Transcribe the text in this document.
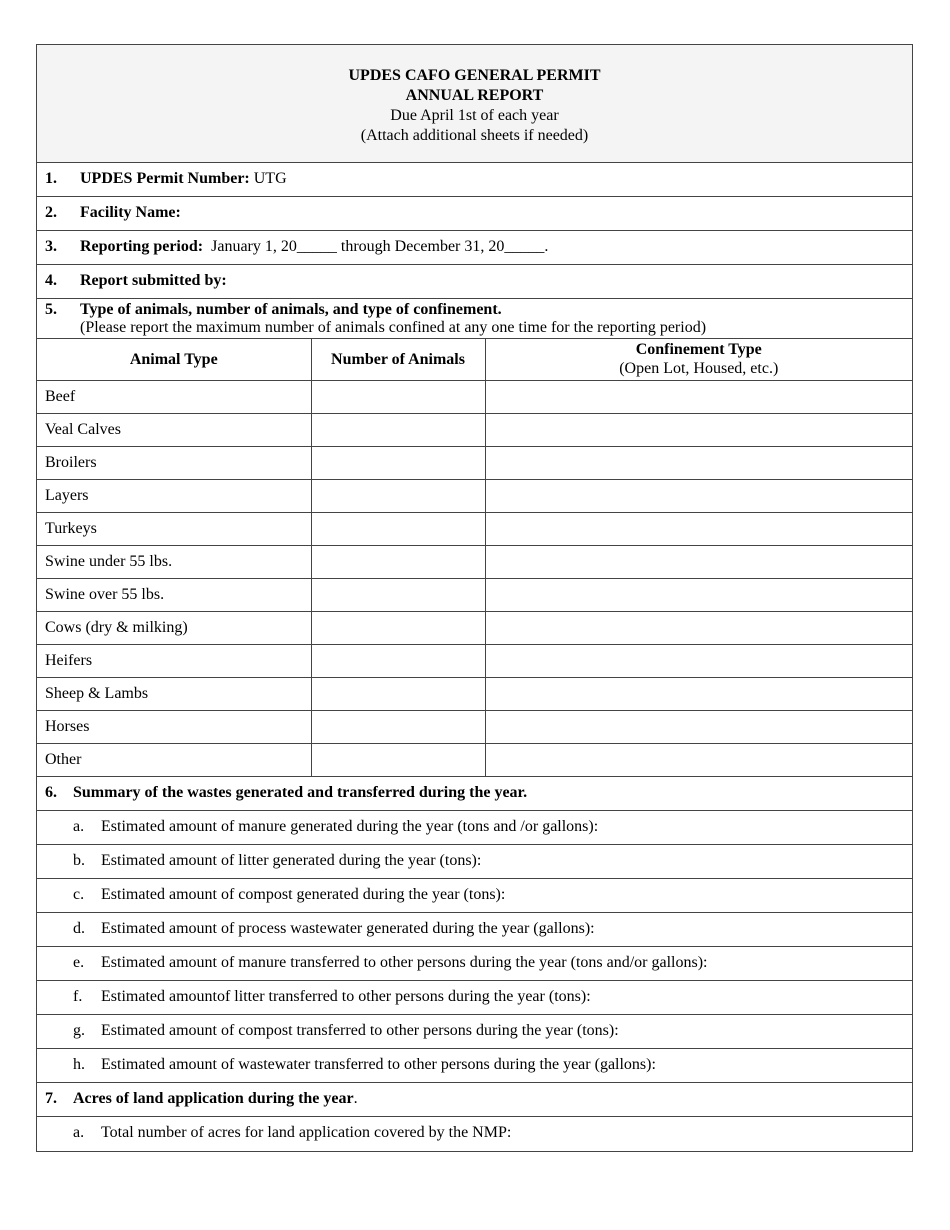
UPDES CAFO GENERAL PERMIT
ANNUAL REPORT
Due April 1st of each year
(Attach additional sheets if needed)
1. UPDES Permit Number: UTG
2. Facility Name:
3. Reporting period: January 1, 20_____ through December 31, 20_____.
4. Report submitted by:
5. Type of animals, number of animals, and type of confinement.
(Please report the maximum number of animals confined at any one time for the reporting period)
Animal Type	Number of Animals	Confinement Type
(Open Lot, Housed, etc.)

Beef		
Veal Calves		
Broilers		
Layers		
Turkeys		
Swine under 55 lbs.		
Swine over 55 lbs.		
Cows (dry & milking)		
Heifers		
Sheep & Lambs		
Horses		
Other		
6. Summary of the wastes generated and transferred during the year.
a. Estimated amount of manure generated during the year (tons and /or gallons):
b. Estimated amount of litter generated during the year (tons):
c. Estimated amount of compost generated during the year (tons):
d. Estimated amount of process wastewater generated during the year (gallons):
e. Estimated amount of manure transferred to other persons during the year (tons and/or gallons):
f. Estimated amountof litter transferred to other persons during the year (tons):
g. Estimated amount of compost transferred to other persons during the year (tons):
h. Estimated amount of wastewater transferred to other persons during the year (gallons):
7. Acres of land application during the year.
a. Total number of acres for land application covered by the NMP:
